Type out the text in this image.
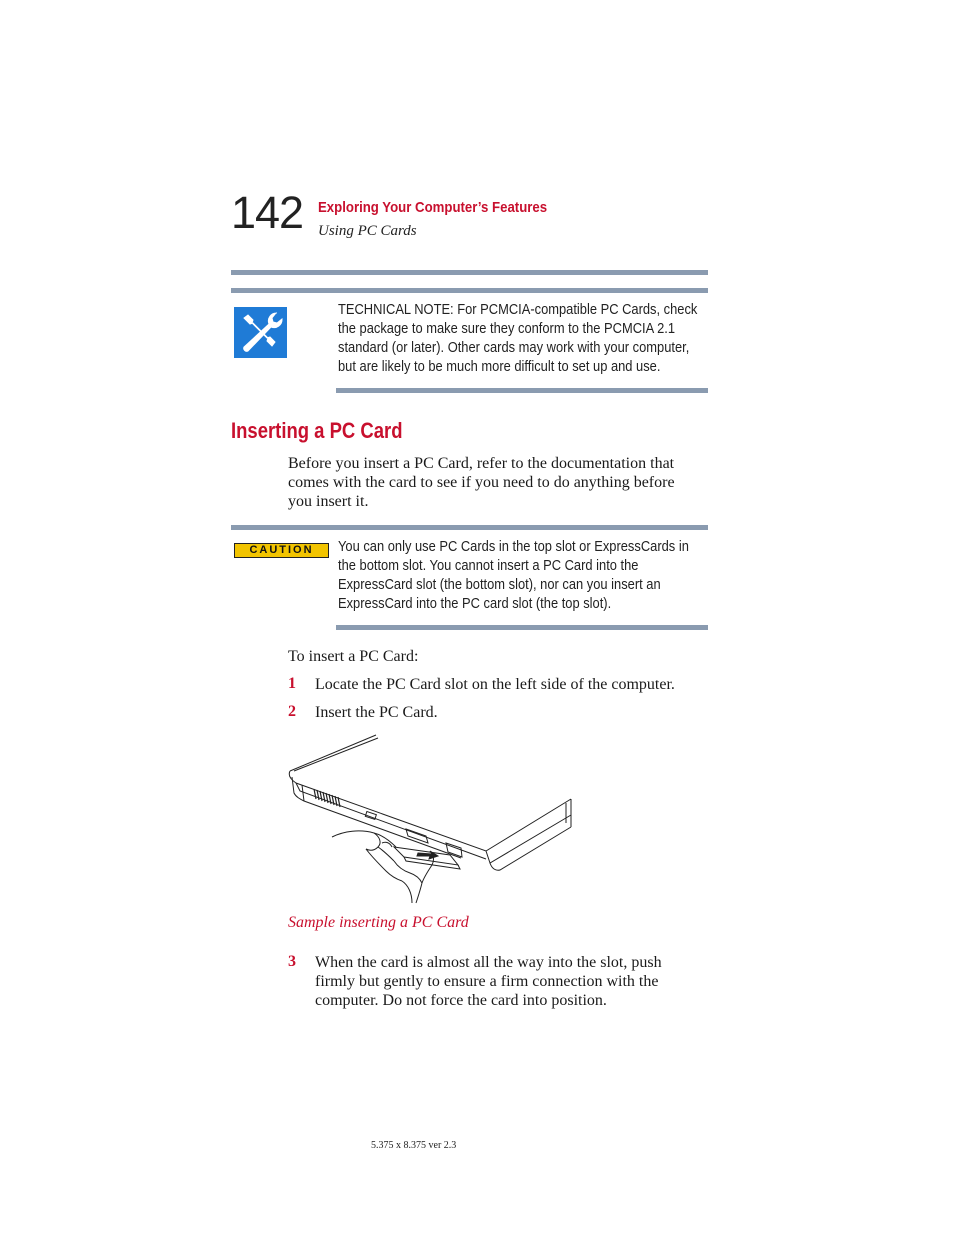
142 Exploring Your Computer’s Features
Using PC Cards
TECHNICAL NOTE: For PCMCIA-compatible PC Cards, check
the package to make sure they conform to the PCMCIA 2.1
standard (or later). Other cards may work with your computer,
but are likely to be much more difficult to set up and use.
Inserting a PC Card
Before you insert a PC Card, refer to the documentation that
comes with the card to see if you need to do anything before
you insert it.
CAUTION	You can only use PC Cards in the top slot or ExpressCards in
the bottom slot. You cannot insert a PC Card into the
ExpressCard slot (the bottom slot), nor can you insert an
ExpressCard into the PC card slot (the top slot).
To insert a PC Card:
1 Locate the PC Card slot on the left side of the computer.
2 Insert the PC Card.
Sample inserting a PC Card
3 When the card is almost all the way into the slot, push
firmly but gently to ensure a firm connection with the
computer. Do not force the card into position.
5.375 x 8.375 ver 2.3
